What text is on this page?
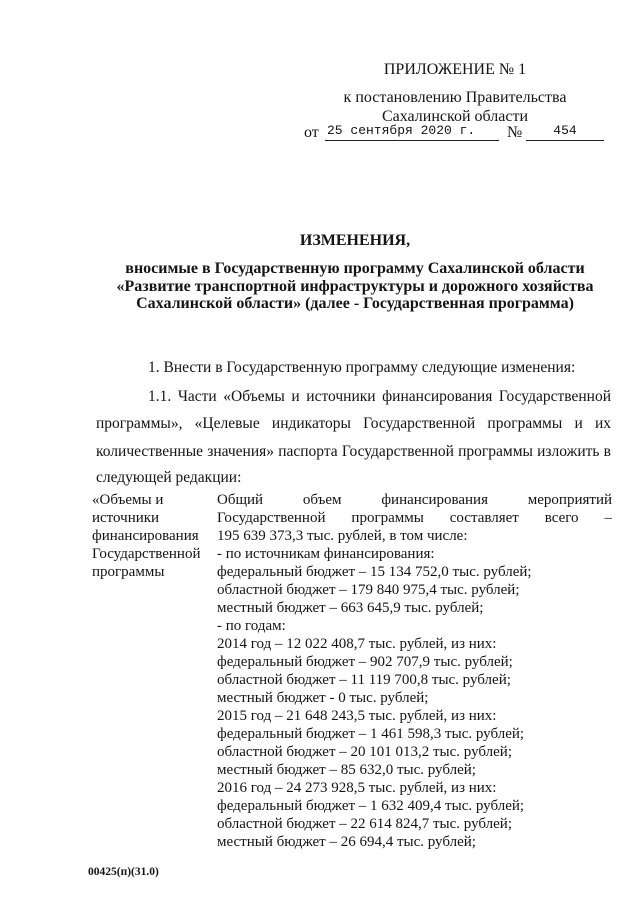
ПРИЛОЖЕНИЕ № 1
к постановлению Правительства
Сахалинской области
от 25 сентября 2020 г.	№	454
ИЗМЕНЕНИЯ,
вносимые в Государственную программу Сахалинской области
«Развитие транспортной инфраструктуры и дорожного хозяйства
Сахалинской области» (далее - Государственная программа)
1. Внести в Государственную программу следующие изменения:
1.1. Части «Объемы и источники финансирования Государственной
программы», «Целевые индикаторы Государственной программы и их
количественные значения» паспорта Государственной программы изложить в
следующей редакции:
«Объемы и
источники
финансирования
Государственной
программы
Общий объем финансирования мероприятий
Государственной программы составляет всего –
195 639 373,3 тыс. рублей, в том числе:
- по источникам финансирования:
федеральный бюджет – 15 134 752,0 тыс. рублей;
областной бюджет – 179 840 975,4 тыс. рублей;
местный бюджет – 663 645,9 тыс. рублей;
- по годам:
2014 год – 12 022 408,7 тыс. рублей, из них:
федеральный бюджет – 902 707,9 тыс. рублей;
областной бюджет – 11 119 700,8 тыс. рублей;
местный бюджет - 0 тыс. рублей;
2015 год – 21 648 243,5 тыс. рублей, из них:
федеральный бюджет – 1 461 598,3 тыс. рублей;
областной бюджет – 20 101 013,2 тыс. рублей;
местный бюджет – 85 632,0 тыс. рублей;
2016 год – 24 273 928,5 тыс. рублей, из них:
федеральный бюджет – 1 632 409,4 тыс. рублей;
областной бюджет – 22 614 824,7 тыс. рублей;
местный бюджет – 26 694,4 тыс. рублей;
00425(п)(31.0)
